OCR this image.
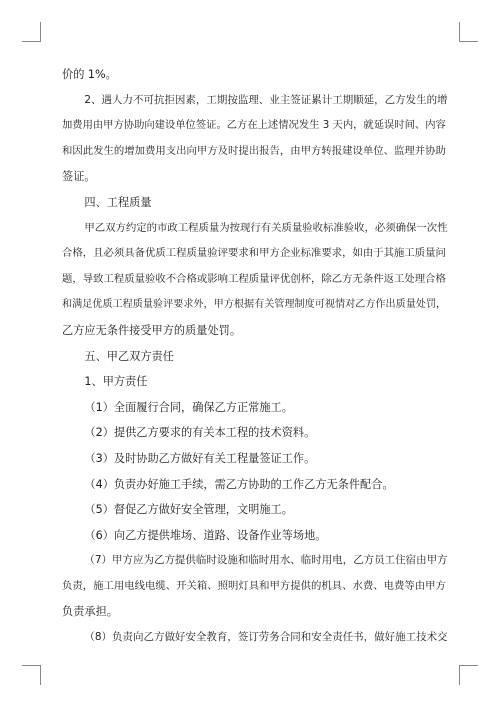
价的 1%。

2、遇人力不可抗拒因素，工期按监理、业主签证累计工期顺延，乙方发生的增
加费用由甲方协助向建设单位签证。乙方在上述情况发生 3 天内，就延误时间、内容
和因此发生的增加费用支出向甲方及时提出报告，由甲方转报建设单位、监理并协助
签证。

四、工程质量

甲乙双方约定的市政工程质量为按现行有关质量验收标准验收，必须确保一次性
合格，且必须具备优质工程质量验评要求和甲方企业标准要求，如由于其施工质量问
题，导致工程质量验收不合格或影响工程质量评优创杯，除乙方无条件返工处理合格
和满足优质工程质量验评要求外，甲方根据有关管理制度可视情对乙方作出质量处罚，
乙方应无条件接受甲方的质量处罚。

五、甲乙双方责任

1、甲方责任

（1）全面履行合同，确保乙方正常施工。

（2）提供乙方要求的有关本工程的技术资料。

（3）及时协助乙方做好有关工程量签证工作。

（4）负责办好施工手续，需乙方协助的工作乙方无条件配合。

（5）督促乙方做好安全管理，文明施工。

（6）向乙方提供堆场、道路、设备作业等场地。

（7）甲方应为乙方提供临时设施和临时用水、临时用电，乙方员工住宿由甲方
负责，施工用电线电缆、开关箱、照明灯具和甲方提供的机具、水费、电费等由甲方
负责承担。

（8）负责向乙方做好安全教育，签订劳务合同和安全责任书，做好施工技术交
